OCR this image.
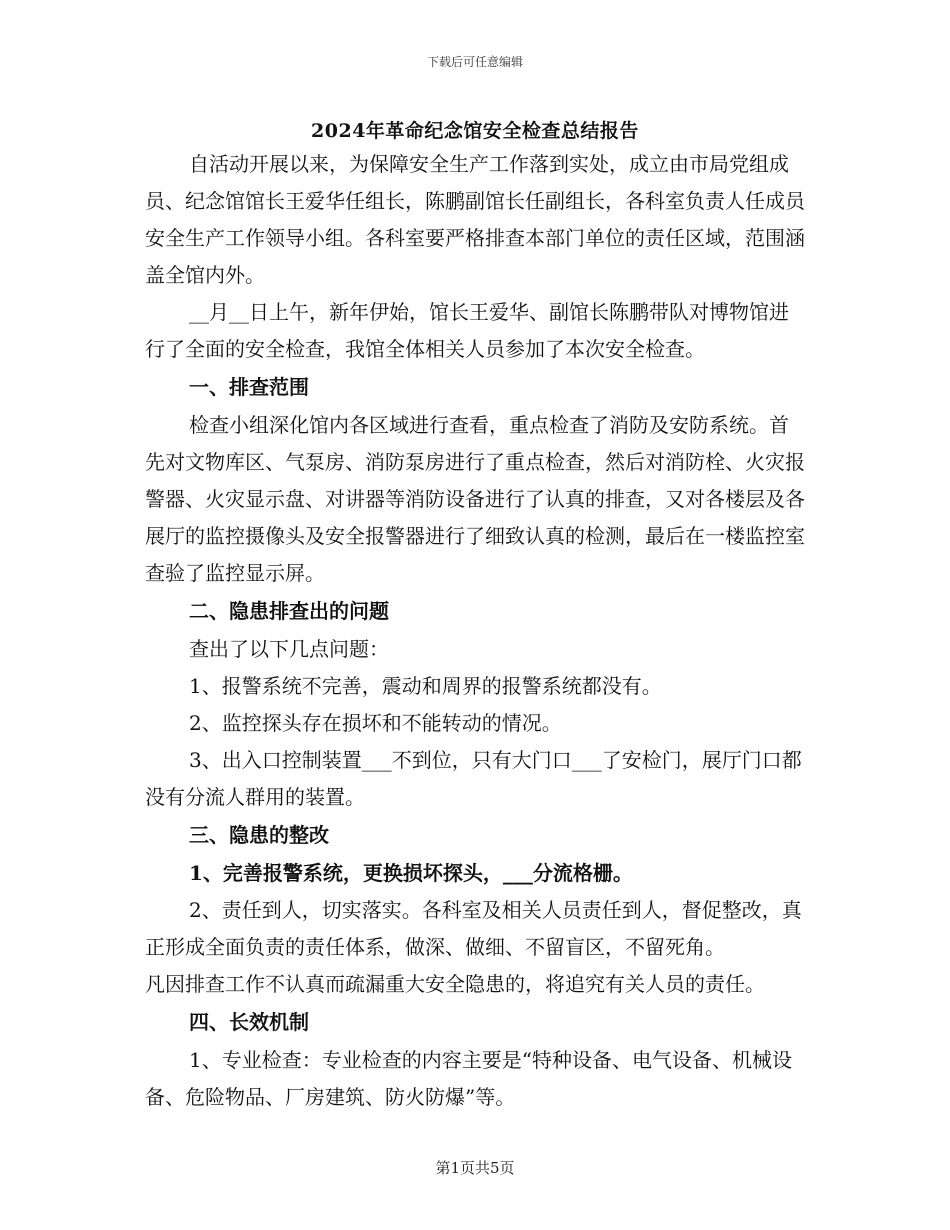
下载后可任意编辑
2024年革命纪念馆安全检查总结报告

自活动开展以来，为保障安全生产工作落到实处，成立由市局党组成员、纪念馆馆长王爱华任组长，陈鹏副馆长任副组长，各科室负责人任成员安全生产工作领导小组。各科室要严格排查本部门单位的责任区域，范围涵盖全馆内外。

__月__日上午，新年伊始，馆长王爱华、副馆长陈鹏带队对博物馆进行了全面的安全检查，我馆全体相关人员参加了本次安全检查。

一、排查范围

检查小组深化馆内各区域进行查看，重点检查了消防及安防系统。首先对文物库区、气泵房、消防泵房进行了重点检查，然后对消防栓、火灾报警器、火灾显示盘、对讲器等消防设备进行了认真的排查，又对各楼层及各展厅的监控摄像头及安全报警器进行了细致认真的检测，最后在一楼监控室查验了监控显示屏。

二、隐患排查出的问题

查出了以下几点问题：

1、报警系统不完善，震动和周界的报警系统都没有。

2、监控探头存在损坏和不能转动的情况。

3、出入口控制装置___不到位，只有大门口___了安检门，展厅门口都没有分流人群用的装置。

三、隐患的整改

1、完善报警系统，更换损坏探头，___分流格栅。

2、责任到人，切实落实。各科室及相关人员责任到人，督促整改，真正形成全面负责的责任体系，做深、做细、不留盲区，不留死角。

凡因排查工作不认真而疏漏重大安全隐患的，将追究有关人员的责任。

四、长效机制

1、专业检查：专业检查的内容主要是“特种设备、电气设备、机械设备、危险物品、厂房建筑、防火防爆”等。

第1页共5页
